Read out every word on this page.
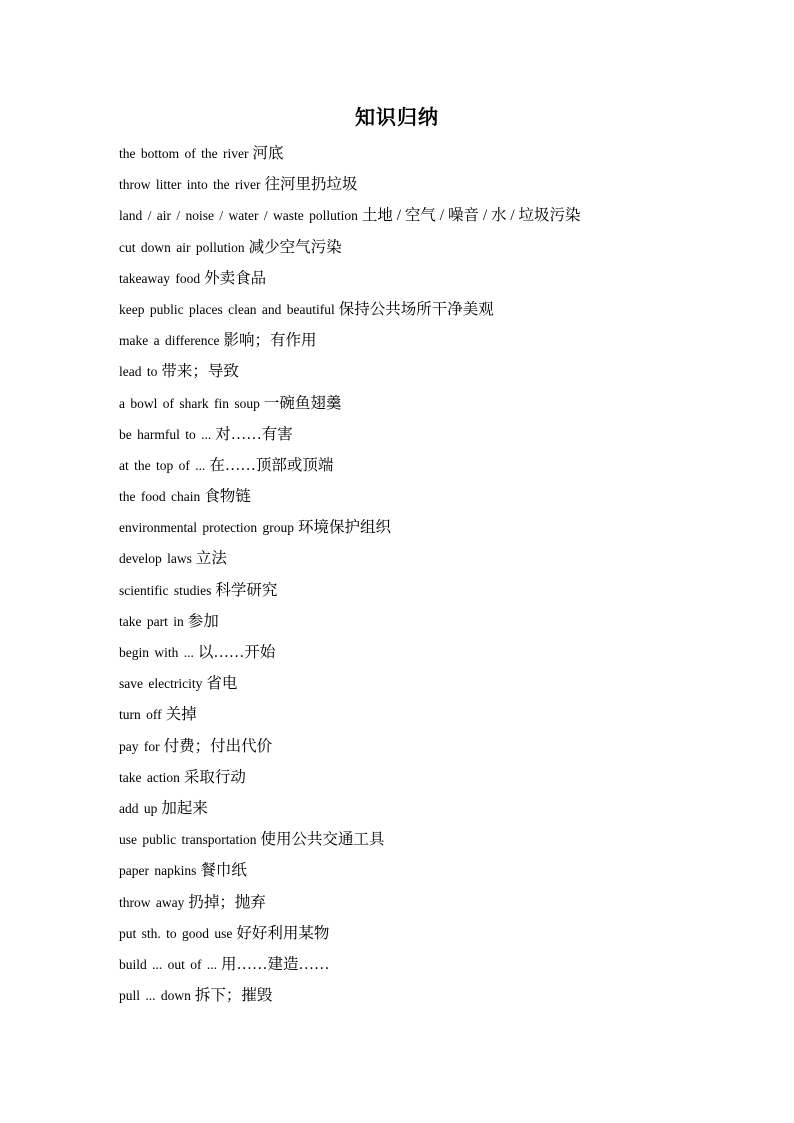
知识归纳
the bottom of the river 河底
throw litter into the river 往河里扔垃圾
land / air / noise / water / waste pollution 土地 / 空气 / 噪音 / 水 / 垃圾污染
cut down air pollution 减少空气污染
takeaway food 外卖食品
keep public places clean and beautiful 保持公共场所干净美观
make a difference 影响；有作用
lead to 带来；导致
a bowl of shark fin soup 一碗鱼翅羹
be harmful to ... 对……有害
at the top of ... 在……顶部或顶端
the food chain 食物链
environmental protection group 环境保护组织
develop laws 立法
scientific studies 科学研究
take part in 参加
begin with ... 以……开始
save electricity 省电
turn off 关掉
pay for 付费；付出代价
take action 采取行动
add up 加起来
use public transportation 使用公共交通工具
paper napkins 餐巾纸
throw away 扔掉；抛弃
put sth. to good use 好好利用某物
build ... out of ... 用……建造……
pull ... down 拆下；摧毁
